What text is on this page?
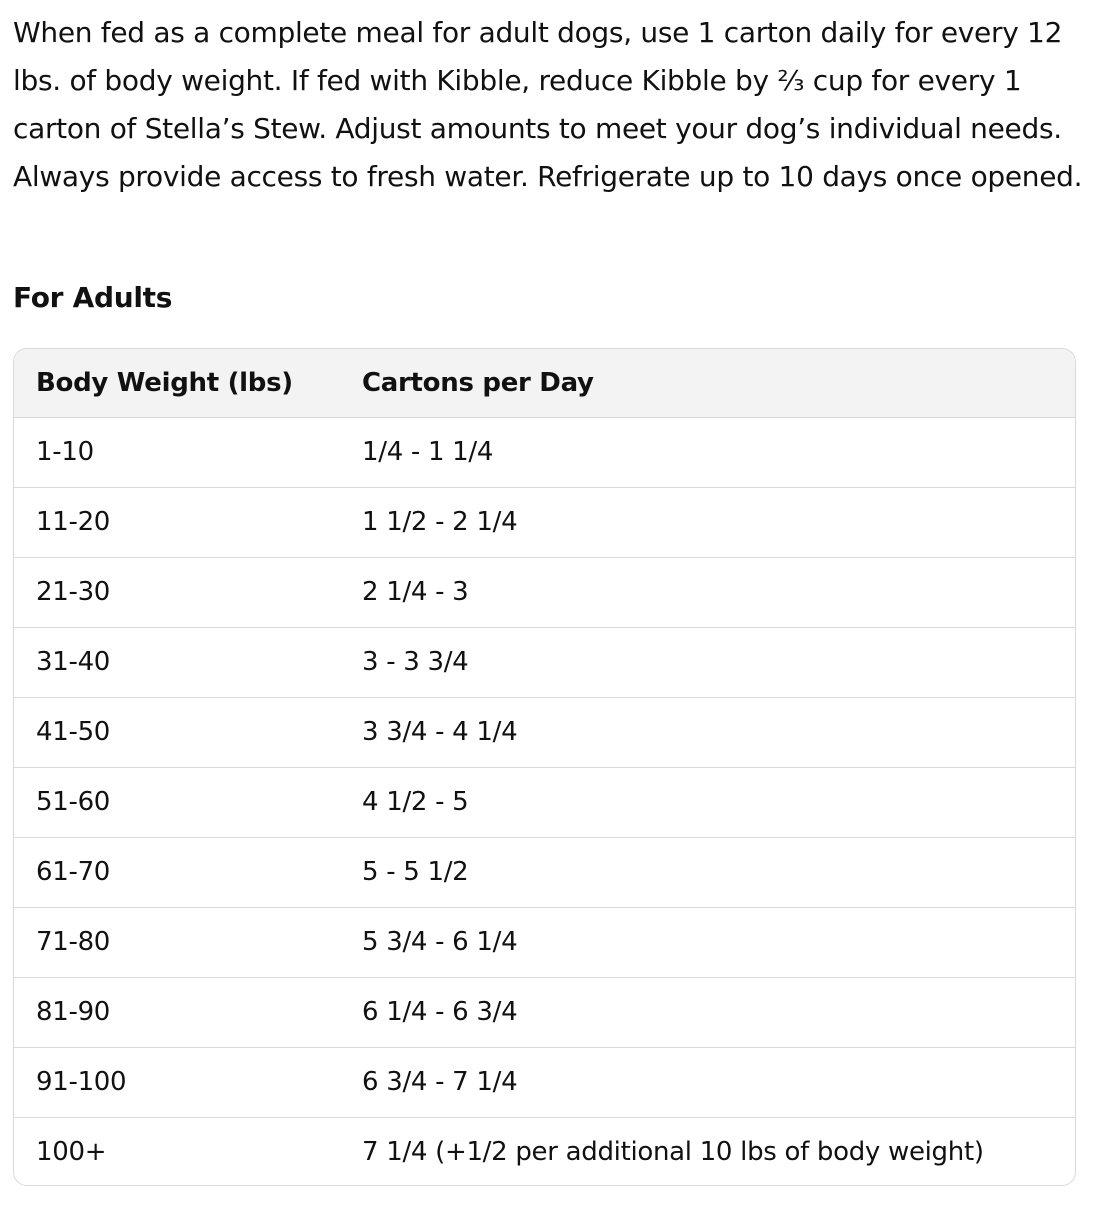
When fed as a complete meal for adult dogs, use 1 carton daily for every 12 lbs. of body weight. If fed with Kibble, reduce Kibble by ⅔ cup for every 1 carton of Stella’s Stew. Adjust amounts to meet your dog’s individual needs. Always provide access to fresh water. Refrigerate up to 10 days once opened.

For Adults
Body Weight (lbs)	Cartons per Day
1-10	1/4 - 1 1/4
11-20	1 1/2 - 2 1/4
21-30	2 1/4 - 3
31-40	3 - 3 3/4
41-50	3 3/4 - 4 1/4
51-60	4 1/2 - 5
61-70	5 - 5 1/2
71-80	5 3/4 - 6 1/4
81-90	6 1/4 - 6 3/4
91-100	6 3/4 - 7 1/4
100+	7 1/4 (+1/2 per additional 10 lbs of body weight)
